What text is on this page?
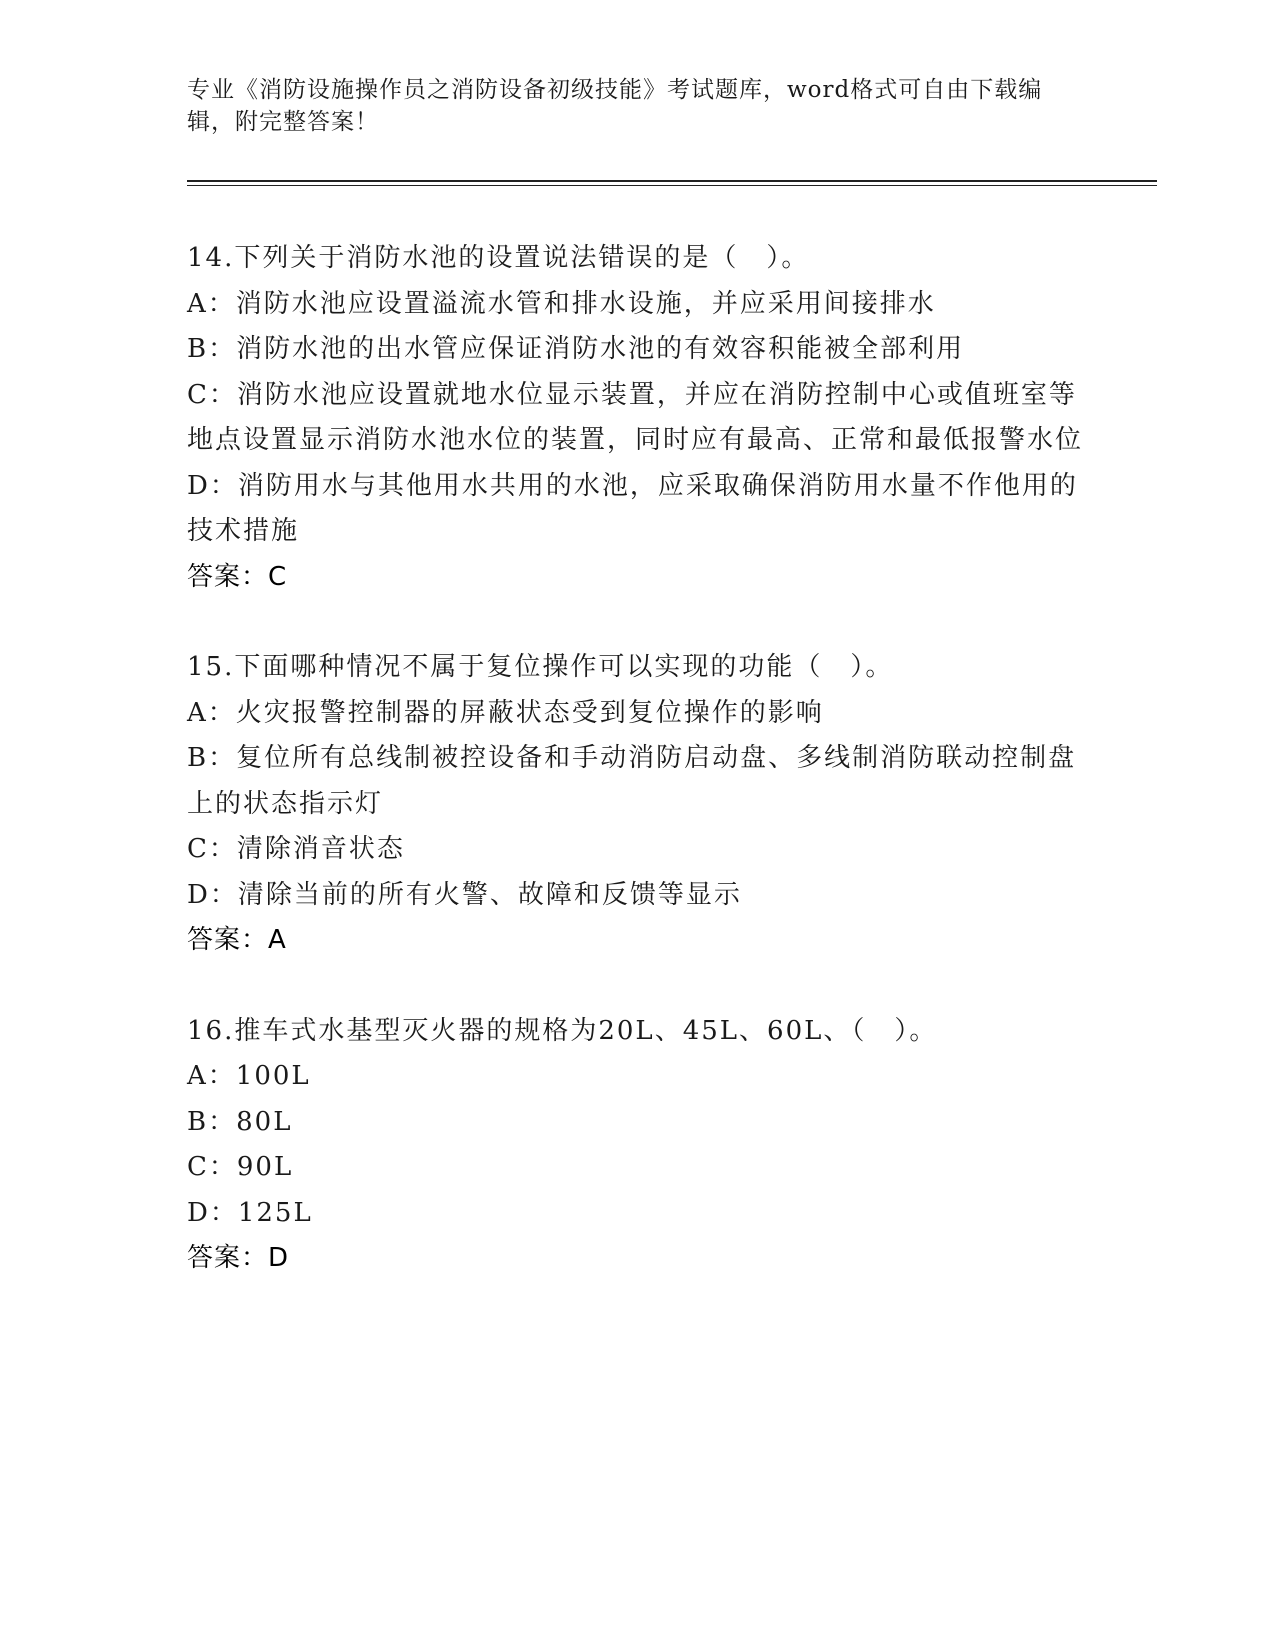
专业《消防设施操作员之消防设备初级技能》考试题库，word格式可自由下载编辑，附完整答案！
14.下列关于消防水池的设置说法错误的是（　）。
A：消防水池应设置溢流水管和排水设施，并应采用间接排水
B：消防水池的出水管应保证消防水池的有效容积能被全部利用
C：消防水池应设置就地水位显示装置，并应在消防控制中心或值班室等地点设置显示消防水池水位的装置，同时应有最高、正常和最低报警水位
D：消防用水与其他用水共用的水池，应采取确保消防用水量不作他用的技术措施
答案：C
15.下面哪种情况不属于复位操作可以实现的功能（　）。
A：火灾报警控制器的屏蔽状态受到复位操作的影响
B：复位所有总线制被控设备和手动消防启动盘、多线制消防联动控制盘上的状态指示灯
C：清除消音状态
D：清除当前的所有火警、故障和反馈等显示
答案：A
16.推车式水基型灭火器的规格为20L、45L、60L、（　）。
A：100L
B：80L
C：90L
D：125L
答案：D
